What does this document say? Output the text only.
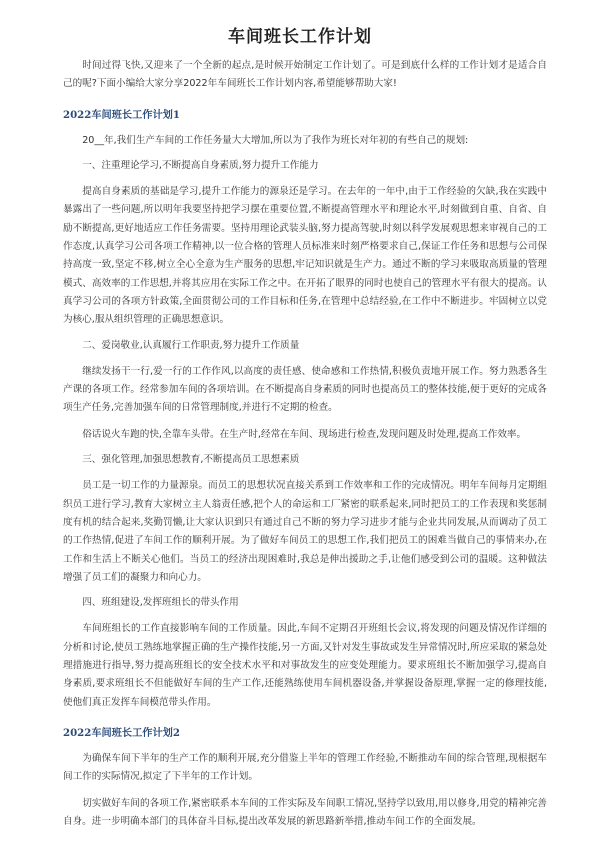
车间班长工作计划

时间过得飞快,又迎来了一个全新的起点,是时候开始制定工作计划了。可是到底什么样的工作计划才是适合自己的呢?下面小编给大家分享2022年车间班长工作计划内容,希望能够帮助大家!

2022车间班长工作计划1

20__年,我们生产车间的工作任务量大大增加,所以为了我作为班长对年初的有些自己的规划:

一、注重理论学习,不断提高自身素质,努力提升工作能力

提高自身素质的基础是学习,提升工作能力的源泉还是学习。在去年的一年中,由于工作经验的欠缺,我在实践中暴露出了一些问题,所以明年我要坚持把学习摆在重要位置,不断提高管理水平和理论水平,时刻做到自重、自省、自励不断提高,更好地适应工作任务需要。坚持用理论武装头脑,努力提高驾驶,时刻以科学发展观思想来审视自己的工作态度,认真学习公司各项工作精神,以一位合格的管理人员标准来时刻严格要求自己,保证工作任务和思想与公司保持高度一致,坚定不移,树立全心全意为生产服务的思想,牢记知识就是生产力。通过不断的学习来吸取高质量的管理模式、高效率的工作思想,并将其应用在实际工作之中。在开拓了眼界的同时也使自己的管理水平有很大的提高。认真学习公司的各项方针政策,全面贯彻公司的工作目标和任务,在管理中总结经验,在工作中不断进步。牢固树立以党为核心,服从组织管理的正确思想意识。

二、爱岗敬业,认真履行工作职责,努力提升工作质量

继续发扬干一行,爱一行的工作作风,以高度的责任感、使命感和工作热情,积极负责地开展工作。努力熟悉各生产课的各项工作。经常参加车间的各项培训。在不断提高自身素质的同时也提高员工的整体技能,便于更好的完成各项生产任务,完善加强车间的日常管理制度,并进行不定期的检查。

俗话说火车跑的快,全靠车头带。在生产时,经常在车间、现场进行检查,发现问题及时处理,提高工作效率。

三、强化管理,加强思想教育,不断提高员工思想素质

员工是一切工作的力量源泉。而员工的思想状况直接关系到工作效率和工作的完成情况。明年车间每月定期组织员工进行学习,教育大家树立主人翁责任感,把个人的命运和工厂紧密的联系起来,同时把员工的工作表现和奖惩制度有机的结合起来,奖勤罚懒,让大家认识到只有通过自己不断的努力学习进步才能与企业共同发展,从而调动了员工的工作热情,促进了车间工作的顺利开展。为了做好车间员工的思想工作,我们把员工的困难当做自己的事情来办,在工作和生活上不断关心他们。当员工的经济出现困难时,我总是伸出援助之手,让他们感受到公司的温暖。这种做法增强了员工们的凝聚力和向心力。

四、班组建设,发挥班组长的带头作用

车间班组长的工作直接影响车间的工作质量。因此,车间不定期召开班组长会议,将发现的问题及情况作详细的分析和讨论,使员工熟练地掌握正确的生产操作技能,另一方面,又针对发生事故或发生异常情况时,所应采取的紧急处理措施进行指导,努力提高班组长的安全技术水平和对事故发生的应变处理能力。要求班组长不断加强学习,提高自身素质,要求班组长不但能做好车间的生产工作,还能熟练使用车间机器设备,并掌握设备原理,掌握一定的修理技能,使他们真正发挥车间模范带头作用。

2022车间班长工作计划2

为确保车间下半年的生产工作的顺利开展,充分借鉴上半年的管理工作经验,不断推动车间的综合管理,现根据车间工作的实际情况,拟定了下半年的工作计划。

切实做好车间的各项工作,紧密联系本车间的工作实际及车间职工情况,坚持学以致用,用以修身,用党的精神完善自身。进一步明确本部门的具体奋斗目标,提出改革发展的新思路新举措,推动车间工作的全面发展。
